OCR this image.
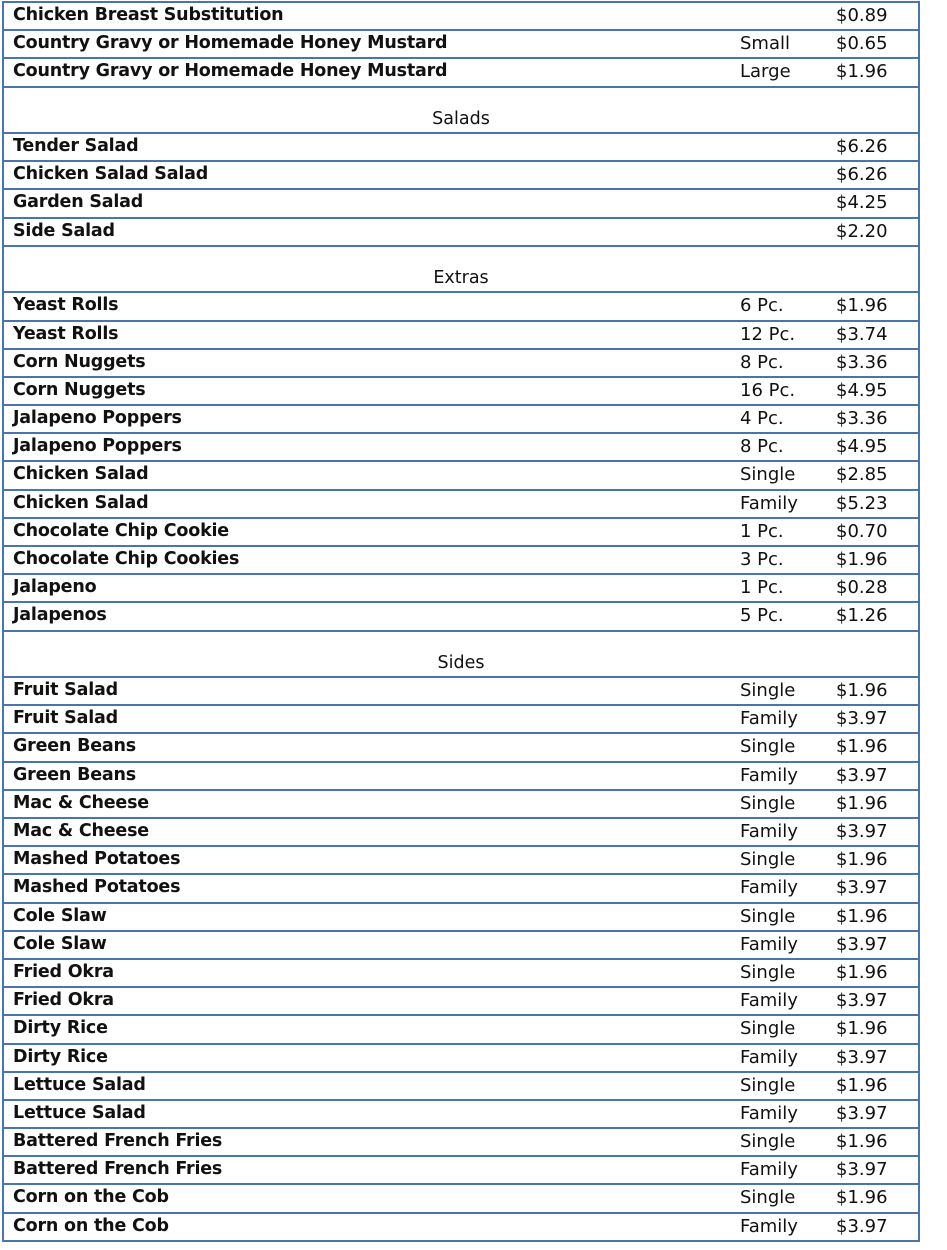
Chicken Breast Substitution	$0.89
Country Gravy or Homemade Honey Mustard	Small	$0.65
Country Gravy or Homemade Honey Mustard	Large	$1.96
Salads
Tender Salad	$6.26
Chicken Salad Salad	$6.26
Garden Salad	$4.25
Side Salad	$2.20
Extras
Yeast Rolls	6 Pc.	$1.96
Yeast Rolls	12 Pc. $3.74
Corn Nuggets	8 Pc.	$3.36
Corn Nuggets	16 Pc. $4.95
Jalapeno Poppers	4 Pc.	$3.36
Jalapeno Poppers	8 Pc.	$4.95
Chicken Salad	Single $2.85
Chicken Salad	Family $5.23
Chocolate Chip Cookie	1 Pc.	$0.70
Chocolate Chip Cookies	3 Pc.	$1.96
Jalapeno	1 Pc.	$0.28
Jalapenos	5 Pc.	$1.26
Sides
Fruit Salad	Single $1.96
Fruit Salad	Family $3.97
Green Beans	Single $1.96
Green Beans	Family $3.97
Mac & Cheese	Single $1.96
Mac & Cheese	Family $3.97
Mashed Potatoes	Single $1.96
Mashed Potatoes	Family $3.97
Cole Slaw	Single $1.96
Cole Slaw	Family $3.97
Fried Okra	Single $1.96
Fried Okra	Family $3.97
Dirty Rice	Single $1.96
Dirty Rice	Family $3.97
Lettuce Salad	Single $1.96
Lettuce Salad	Family $3.97
Battered French Fries	Single $1.96
Battered French Fries	Family $3.97
Corn on the Cob	Single $1.96
Corn on the Cob	Family $3.97
